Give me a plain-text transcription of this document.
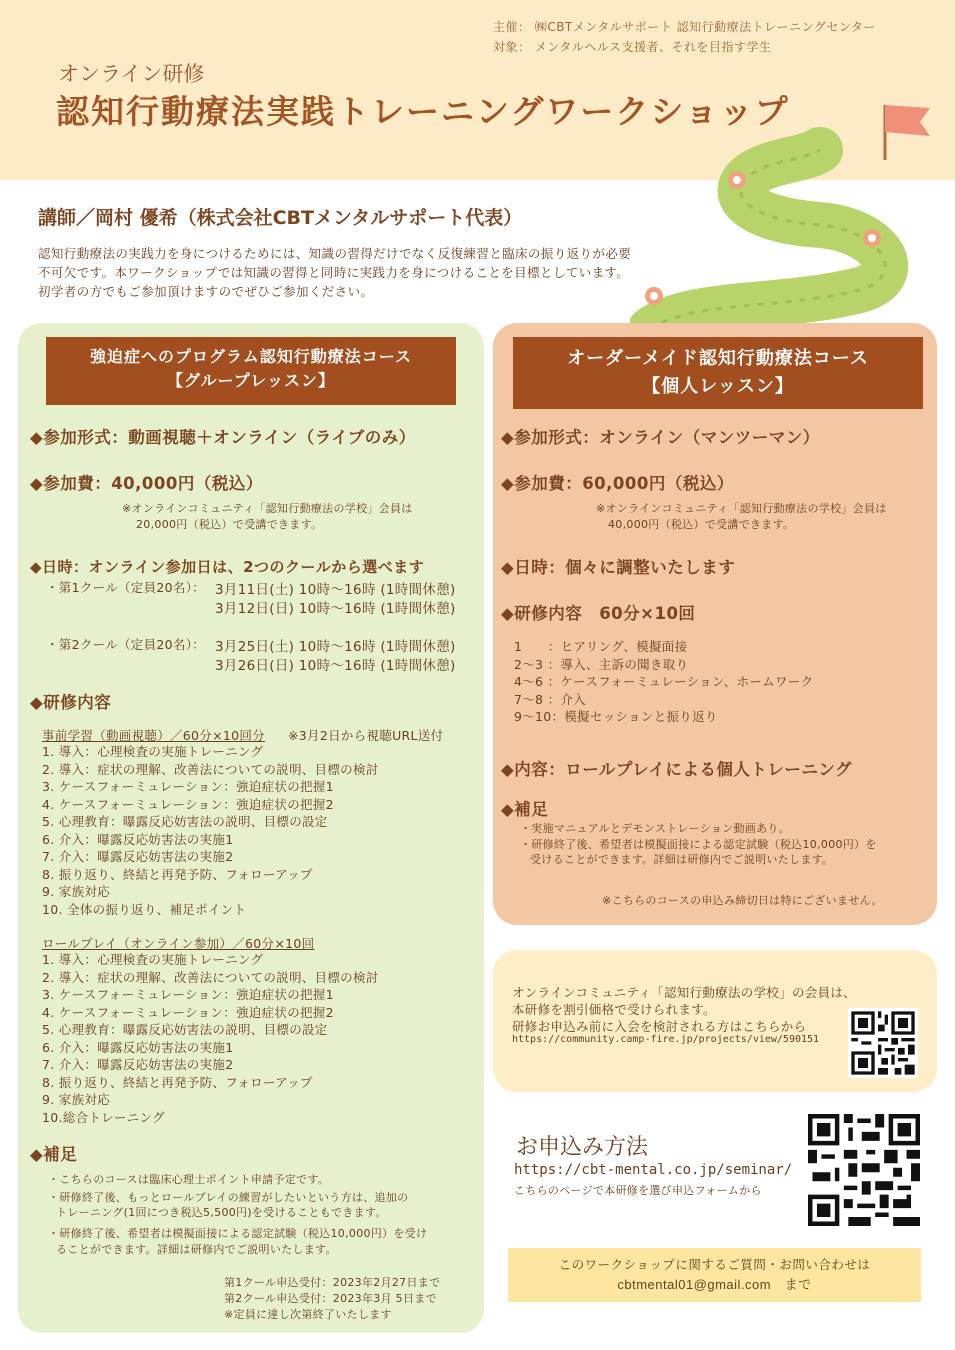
主催： ㈱CBTメンタルサポート 認知行動療法トレーニングセンター
対象： メンタルヘルス支援者、それを目指す学生
オンライン研修
認知行動療法実践トレーニングワークショップ
講師／岡村 優希（株式会社CBTメンタルサポート代表）
認知行動療法の実践力を身につけるためには、知識の習得だけでなく反復練習と臨床の振り返りが必要不可欠です。本ワークショップでは知識の習得と同時に実践力を身につけることを目標としています。初学者の方でもご参加頂けますのでぜひご参加ください。
強迫症へのプログラム認知行動療法コース
【グループレッスン】
◆参加形式：動画視聴＋オンライン（ライブのみ）
◆参加費：40,000円（税込）
※オンラインコミュニティ「認知行動療法の学校」会員は
20,000円（税込）で受講できます。
◆日時：オンライン参加日は、2つのクールから選べます
・第1クール（定員20名）： 3月11日(土) 10時〜16時 (1時間休憩)
3月12日(日) 10時〜16時 (1時間休憩)
・第2クール（定員20名）： 3月25日(土) 10時〜16時 (1時間休憩)
3月26日(日) 10時〜16時 (1時間休憩)
◆研修内容
事前学習（動画視聴）／60分×10回分 ※3月2日から視聴URL送付
1. 導入：心理検査の実施トレーニング
2. 導入：症状の理解、改善法についての説明、目標の検討
3. ケースフォーミュレーション：強迫症状の把握1
4. ケースフォーミュレーション：強迫症状の把握2
5. 心理教育：曝露反応妨害法の説明、目標の設定
6. 介入：曝露反応妨害法の実施1
7. 介入：曝露反応妨害法の実施2
8. 振り返り、終結と再発予防、フォローアップ
9. 家族対応
10. 全体の振り返り、補足ポイント
ロールプレイ（オンライン参加）／60分×10回
1. 導入：心理検査の実施トレーニング
2. 導入：症状の理解、改善法についての説明、目標の検討
3. ケースフォーミュレーション：強迫症状の把握1
4. ケースフォーミュレーション：強迫症状の把握2
5. 心理教育：曝露反応妨害法の説明、目標の設定
6. 介入：曝露反応妨害法の実施1
7. 介入：曝露反応妨害法の実施2
8. 振り返り、終結と再発予防、フォローアップ
9. 家族対応
10.総合トレーニング
◆補足
・こちらのコースは臨床心理士ポイント申請予定です。
・研修終了後、もっとロールプレイの練習がしたいという方は、追加の
トレーニング(1回につき税込5,500円)を受けることもできます。
・研修終了後、希望者は模擬面接による認定試験（税込10,000円）を受け
ることができます。詳細は研修内でご説明いたします。
第1クール申込受付：2023年2月27日まで
第2クール申込受付：2023年3月 5日まで
※定員に達し次第終了いたします
オーダーメイド認知行動療法コース
【個人レッスン】
◆参加形式：オンライン（マンツーマン）
◆参加費：60,000円（税込）
※オンラインコミュニティ「認知行動療法の学校」会員は
40,000円（税込）で受講できます。
◆日時：個々に調整いたします
◆研修内容　60分×10回
1　　：ヒアリング、模擬面接
2〜3 ：導入、主訴の聞き取り
4〜6 ：ケースフォーミュレーション、ホームワーク
7〜8 ：介入
9〜10：模擬セッションと振り返り
◆内容：ロールプレイによる個人トレーニング
◆補足
・実施マニュアルとデモンストレーション動画あり。
・研修終了後、希望者は模擬面接による認定試験（税込10,000円）を
受けることができます。詳細は研修内でご説明いたします。
※こちらのコースの申込み締切日は特にございません。
オンラインコミュニティ「認知行動療法の学校」の会員は、
本研修を割引価格で受けられます。
研修お申込み前に入会を検討される方はこちらから
https://community.camp-fire.jp/projects/view/590151
お申込み方法
https://cbt-mental.co.jp/seminar/
こちらのページで本研修を選び申込フォームから
このワークショップに関するご質問・お問い合わせは
cbtmental01@gmail.com　まで
